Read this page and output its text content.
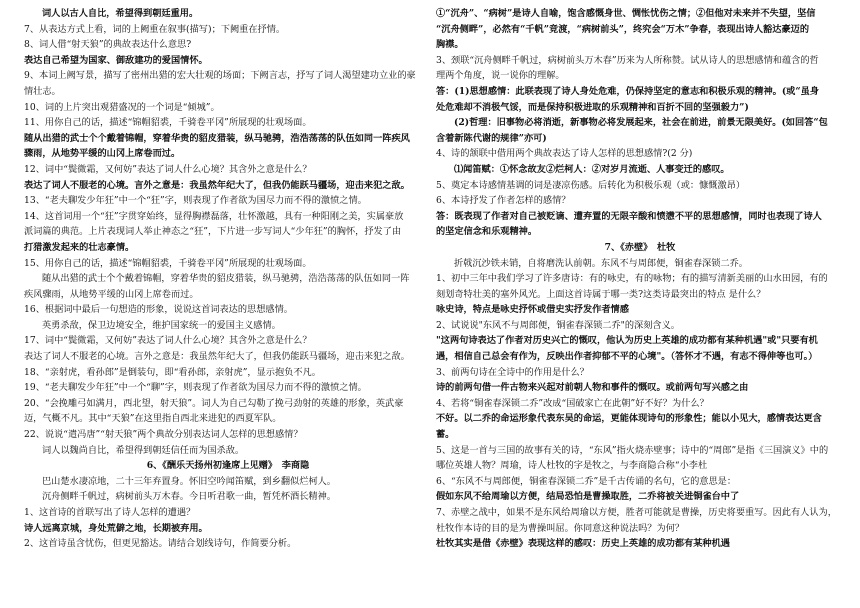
词人以古人自比，希望得到朝廷重用。
7、从表达方式上看，词的上阙重在叙事(描写)；下阙重在抒情。
8、词人借“射天狼”的典故表达什么意思?
表达自己希望为国家、御敌建功的爱国情怀。
9、本词上阙写景，描写了密州出猎的宏大壮观的场面；下阙言志，抒写了词人渴望建功立业的豪
情壮志。
10、词的上片突出观猎盛况的一个词是“倾城”。
11、用你自己的话，描述“锦帽貂裘，千骑卷平冈”所展现的壮观场面。
随从出猎的武士个个戴着锦帽，穿着华贵的貂皮猎装，纵马驰骋，浩浩荡荡的队伍如同一阵疾风
骤雨，从地势平缓的山冈上席卷而过。
12、词中“鬓微霜，又何妨”表达了词人什么心境？其含外之意是什么？
表达了词人不服老的心境。言外之意是：我虽然年纪大了，但我仍能跃马疆场，迎击来犯之敌。
13、“老夫聊发少年狂”中一个“狂”字，则表现了作者欲为国尽力而不得的激愤之情。
14、这首词用一个“狂”字贯穿始终，显得胸襟磊落，壮怀激越，具有一种阳刚之美，实属豪放
派词篇的典范。上片表现词人举止神态之“狂”，下片进一步写词人“少年狂”的胸怀，抒发了由
打猎激发起来的壮志豪情。
15、用你自己的话，描述“锦帽貂裘，千骑卷平冈”所展现的壮观场面。
随从出猎的武士个个戴着锦帽，穿着华贵的貂皮猎装，纵马驰骋，浩浩荡荡的队伍如同一阵
疾风骤雨，从地势平缓的山冈上席卷而过。
16、根据词中最后一句想造的形象，说说这首词表达的思想感情。
英勇杀敌，保卫边境安全，维护国家统一的爱国主义感情。
17、词中“鬓微霜，又何妨”表达了词人什么心境？其含外之意是什么？
表达了词人不服老的心境。言外之意是：我虽然年纪大了，但我仍能跃马疆场，迎击来犯之敌。
18、“亲射虎，看孙郎”是倒装句，即“看孙郎，亲射虎”，显示抱负不凡。
19、“老夫聊发少年狂”中一个“聊”字，则表现了作者欲为国尽力而不得的激愤之情。
20、“会挽雕弓如满月，西北望，射天狼”。词人为自己勾勒了挽弓劲射的英雄的形象，英武豪
迈，气概不凡。其中“天狼”在这里指自西北来进犯的西夏军队。
22、说说“遣冯唐”“射天狼”两个典故分别表达词人怎样的思想感情？
词人以魏尚自比，希望得到朝廷信任而为国杀敌。
6、《酬乐天扬州初逢席上见赠》　李商隐
巴山楚水凄凉地，二十三年弃置身。怀旧空吟闻笛赋，到乡翻似烂柯人。
沉舟侧畔千帆过，病树前头万木春。今日听君歌一曲，暂凭杯酒长精神。
1、这首诗的首联写出了诗人怎样的遭遇？
诗人远离京城，身处荒僻之地，长期被弃用。
2、这首诗虽含忧伤，但更见豁达。请结合划线诗句，作简要分析。
①“沉舟”、“病树”是诗人自喻，饱含感慨身世、惆怅忧伤之情；②但他对未来并不失望，坚信
“沉舟侧畔”，必然有“千帆”竞渡，“病树前头”，终究会“万木”争春，表现出诗人豁达豪迈的
胸襟。
3、颈联“沉舟侧畔千帆过，病树前头万木春”历来为人所称赞。试从诗人的思想感情和蕴含的哲
理两个角度，说一说你的理解。
答：(1)思想感情：此联表现了诗人身处危难，仍保持坚定的意志和积极乐观的精神。(或“虽身
处危难却不消极气馁，而是保持积极进取的乐观精神和百折不回的坚强毅力”)
(2)哲理：旧事物必将消逝，新事物必将发展起来，社会在前进，前景无限美好。(如回答“包
含着新陈代谢的规律”亦可)
4、诗的颔联中借用两个典故表达了诗人怎样的思想感情?(2 分)
⑴闻笛赋：①怀念故友②烂柯人：②对岁月流逝、人事变迁的感叹。
5、奠定本诗感情基调的词是凄凉伤感。后转化为积极乐观（或：慷慨激昂）
6、本诗抒发了作者怎样的感情？
答：既表现了作者对自己被贬谪、遭弃置的无限辛酸和愤懑不平的思想感情，同时也表现了诗人
的坚定信念和乐观精神。
7、《赤壁》　杜牧
折戟沉沙铁未销，自将磨洗认前朝。东风不与周郎便，铜雀春深锁二乔。
1、初中三年中我们学习了许多唐诗：有的咏史，有的咏物；有的描写清新美丽的山水田园，有的
刻划奇特壮美的塞外风光。上面这首诗属于哪一类?这类诗最突出的特点 是什么？
咏史诗，特点是咏史抒怀或借史实抒发作者情感
2、试说说"东风不与周郎便，铜雀春深锁二乔"的深刻含义。
"这两句诗表达了作者对历史兴亡的慨叹，他认为历史上英雄的成功都有某种机遇"或"只要有机
遇，相信自己总会有作为，反映出作者抑郁不平的心境"。（答怀才不遇，有志不得伸等也可。）
3、前两句诗在全诗中的作用是什么？
诗的前两句借一件古物来兴起对前朝人物和事件的慨叹。或前两句写兴感之由
4、若将“铜雀春深锁二乔”改成“国破家亡在此朝”好不好？为什么？
不好。以二乔的命运形象代表东吴的命运，更能体现诗句的形象性；能以小见大，感情表达更含
蓄。
5、这是一首与三国的故事有关的诗，“东风”指火烧赤壁事；诗中的“周郎”是指《三国演义》中的
哪位英雄人物？周瑜，诗人杜牧的字是牧之，与李商隐合称“小李杜
6、“东风不与周郎便，铜雀春深锁二乔”是千古传诵的名句，它的意思是：
假如东风不给周瑜以方便，结局恐怕是曹操取胜，二乔将被关进铜雀台中了
7、赤壁之战中，如果不是东风给周瑜以方便，胜者可能就是曹操，历史将要重写。因此有人认为，
杜牧作本诗的目的是为曹操叫屈。你同意这种说法吗？为何？
杜牧其实是借《赤壁》表现这样的感叹：历史上英雄的成功都有某种机遇
